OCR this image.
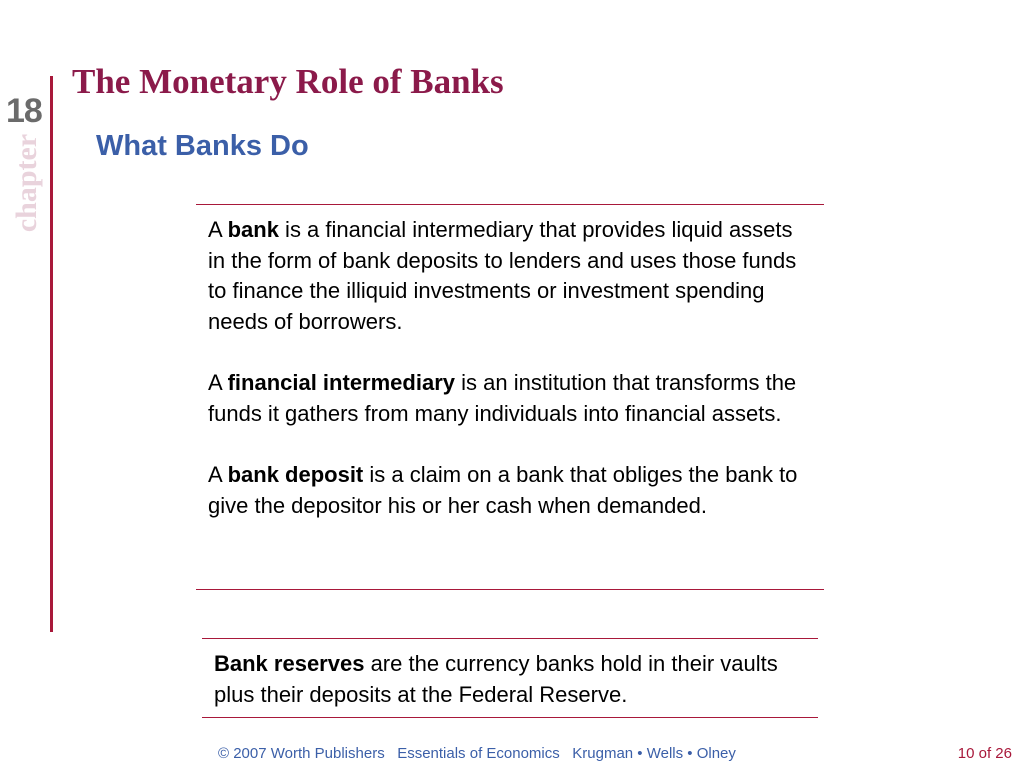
18
chapter
The Monetary Role of Banks
What Banks Do

A bank is a financial intermediary that provides liquid assets in the form of bank deposits to lenders and uses those funds to finance the illiquid investments or investment spending needs of borrowers.

A financial intermediary is an institution that transforms the funds it gathers from many individuals into financial assets.

A bank deposit is a claim on a bank that obliges the bank to give the depositor his or her cash when demanded.

Bank reserves are the currency banks hold in their vaults plus their deposits at the Federal Reserve.

© 2007 Worth Publishers   Essentials of Economics   Krugman • Wells • Olney	10 of 26
